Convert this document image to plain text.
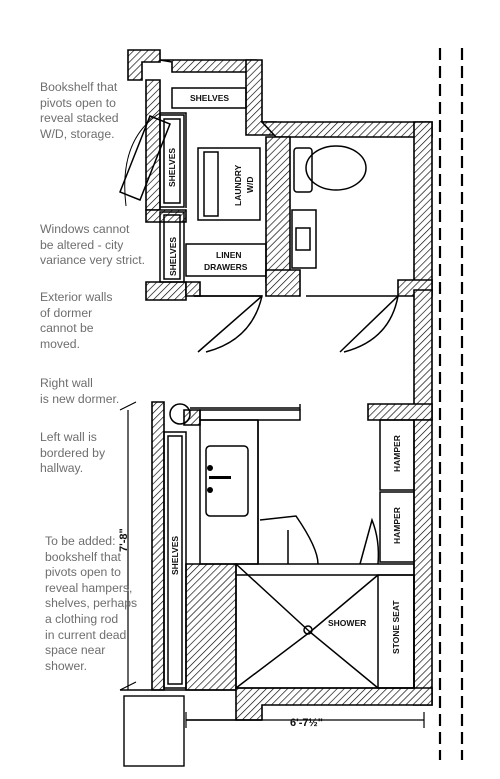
SHELVES
SHELVES	LAUNDRY W/D
SHELVES	LINEN
DRAWERS
SHELVES
HAMPER
HAMPER
SHOWER	STONE SEAT
7'-8"
6'-7½"
Bookshelf that
pivots open to
reveal stacked
W/D, storage.
Windows cannot
be altered - city
variance very strict.
Exterior walls
of dormer
cannot be
moved.
Right wall
is new dormer.
Left wall is
bordered by
hallway.
To be added:
bookshelf that
pivots open to
reveal hampers,
shelves, perhaps
a clothing rod
in current dead
space near
shower.
